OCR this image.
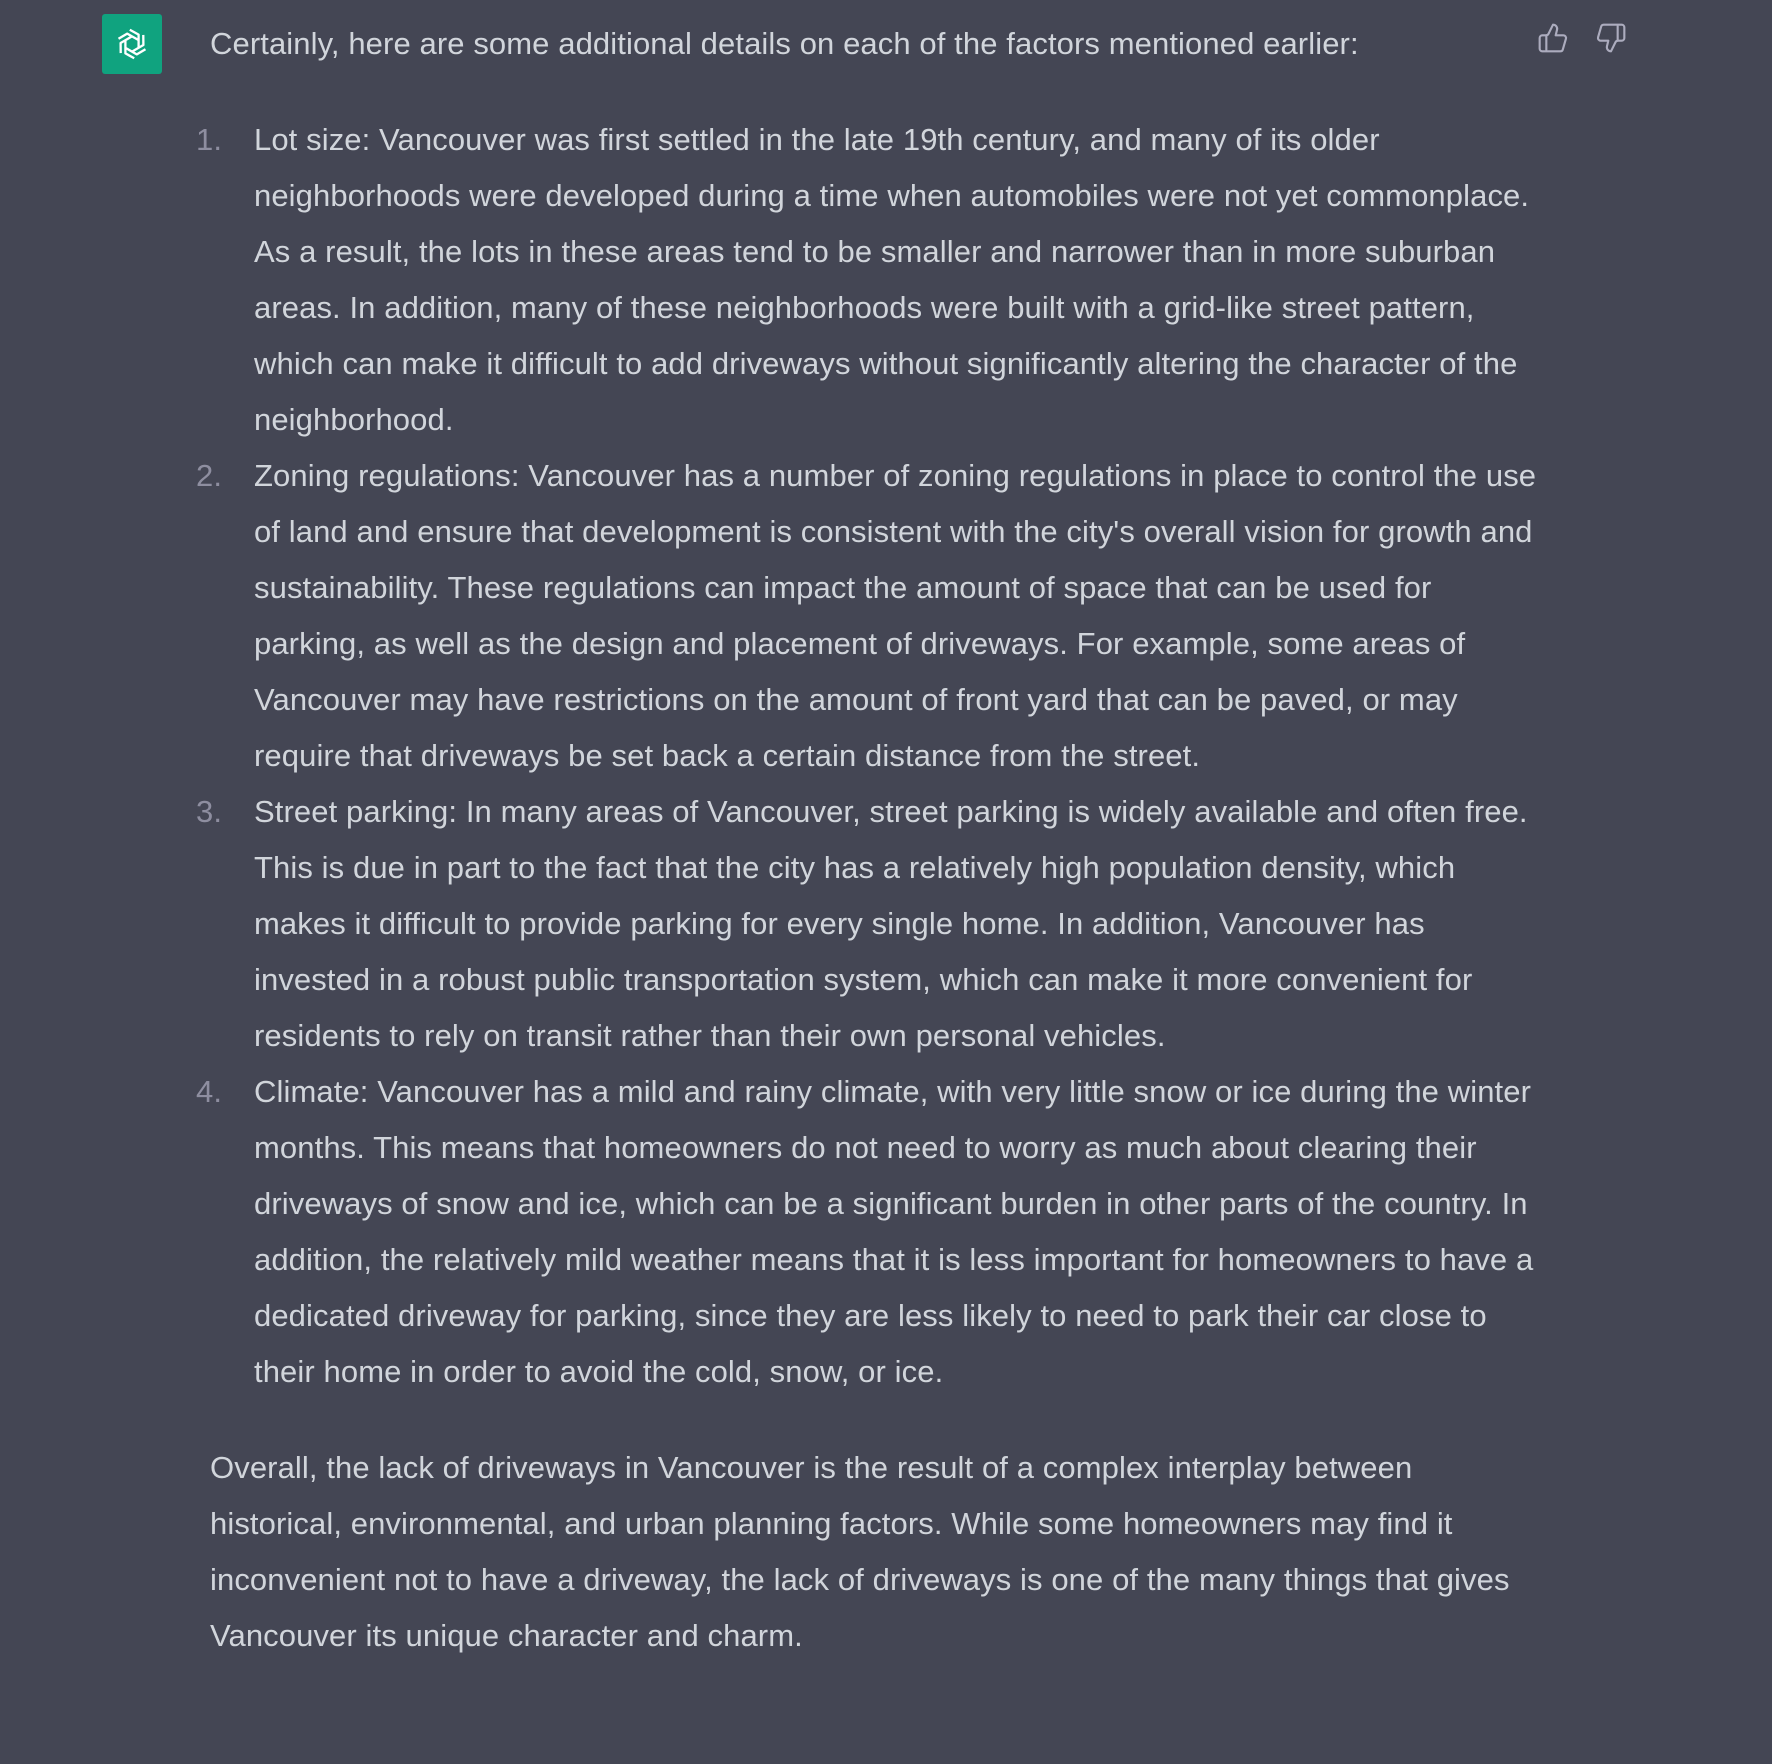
Certainly, here are some additional details on each of the factors mentioned earlier:

1. Lot size: Vancouver was first settled in the late 19th century, and many of its older neighborhoods were developed during a time when automobiles were not yet commonplace. As a result, the lots in these areas tend to be smaller and narrower than in more suburban areas. In addition, many of these neighborhoods were built with a grid-like street pattern, which can make it difficult to add driveways without significantly altering the character of the neighborhood.
2. Zoning regulations: Vancouver has a number of zoning regulations in place to control the use of land and ensure that development is consistent with the city's overall vision for growth and sustainability. These regulations can impact the amount of space that can be used for parking, as well as the design and placement of driveways. For example, some areas of Vancouver may have restrictions on the amount of front yard that can be paved, or may require that driveways be set back a certain distance from the street.
3. Street parking: In many areas of Vancouver, street parking is widely available and often free. This is due in part to the fact that the city has a relatively high population density, which makes it difficult to provide parking for every single home. In addition, Vancouver has invested in a robust public transportation system, which can make it more convenient for residents to rely on transit rather than their own personal vehicles.
4. Climate: Vancouver has a mild and rainy climate, with very little snow or ice during the winter months. This means that homeowners do not need to worry as much about clearing their driveways of snow and ice, which can be a significant burden in other parts of the country. In addition, the relatively mild weather means that it is less important for homeowners to have a dedicated driveway for parking, since they are less likely to need to park their car close to their home in order to avoid the cold, snow, or ice.

Overall, the lack of driveways in Vancouver is the result of a complex interplay between historical, environmental, and urban planning factors. While some homeowners may find it inconvenient not to have a driveway, the lack of driveways is one of the many things that gives Vancouver its unique character and charm.
